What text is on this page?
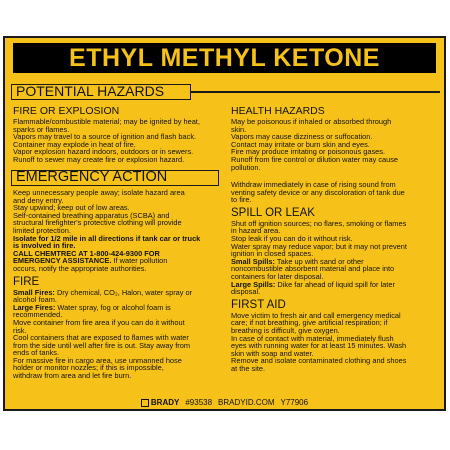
ETHYL METHYL KETONE
POTENTIAL HAZARDS
FIRE OR EXPLOSION
Flammable/combustible material; may be ignited by heat,
sparks or flames.
Vapors may travel to a source of ignition and flash back.
Container may explode in heat of fire.
Vapor explosion hazard indoors, outdoors or in sewers.
Runoff to sewer may create fire or explosion hazard.
HEALTH HAZARDS
May be poisonous if inhaled or absorbed through
skin.
Vapors may cause dizziness or suffocation.
Contact may irritate or burn skin and eyes.
Fire may produce irritating or poisonous gases.
Runoff from fire control or dilution water may cause
pollution.
EMERGENCY ACTION
Keep unnecessary people away; isolate hazard area
and deny entry.
Stay upwind; keep out of low areas.
Self-contained breathing apparatus (SCBA) and
structural firefighter's protective clothing will provide
limited protection.
Isolate for 1/2 mile in all directions if tank car or truck
is involved in fire.
CALL CHEMTREC AT 1-800-424-9300 FOR
EMERGENCY ASSISTANCE. If water pollution
occurs, notify the appropriate authorities.
FIRE
Small Fires: Dry chemical, CO₂, Halon, water spray or
alcohol foam.
Large Fires: Water spray, fog or alcohol foam is
recommended.
Move container from fire area if you can do it without
risk.
Cool containers that are exposed to flames with water
from the side until well after fire is out. Stay away from
ends of tanks.
For massive fire in cargo area, use unmanned hose
holder or monitor nozzles; if this is impossible,
withdraw from area and let fire burn.
Withdraw immediately in case of rising sound from
venting safety device or any discoloration of tank due
to fire.
SPILL OR LEAK
Shut off ignition sources; no flares, smoking or flames
in hazard area.
Stop leak if you can do it without risk.
Water spray may reduce vapor; but it may not prevent
ignition in closed spaces.
Small Spills: Take up with sand or other
noncombustible absorbent material and place into
containers for later disposal.
Large Spills: Dike far ahead of liquid spill for later
disposal.
FIRST AID
Move victim to fresh air and call emergency medical
care; if not breathing, give artificial respiration; if
breathing is difficult, give oxygen.
In case of contact with material, immediately flush
eyes with running water for at least 15 minutes. Wash
skin with soap and water.
Remove and isolate contaminated clothing and shoes
at the site.
BRADY #93538 BRADYID.COM Y77906
